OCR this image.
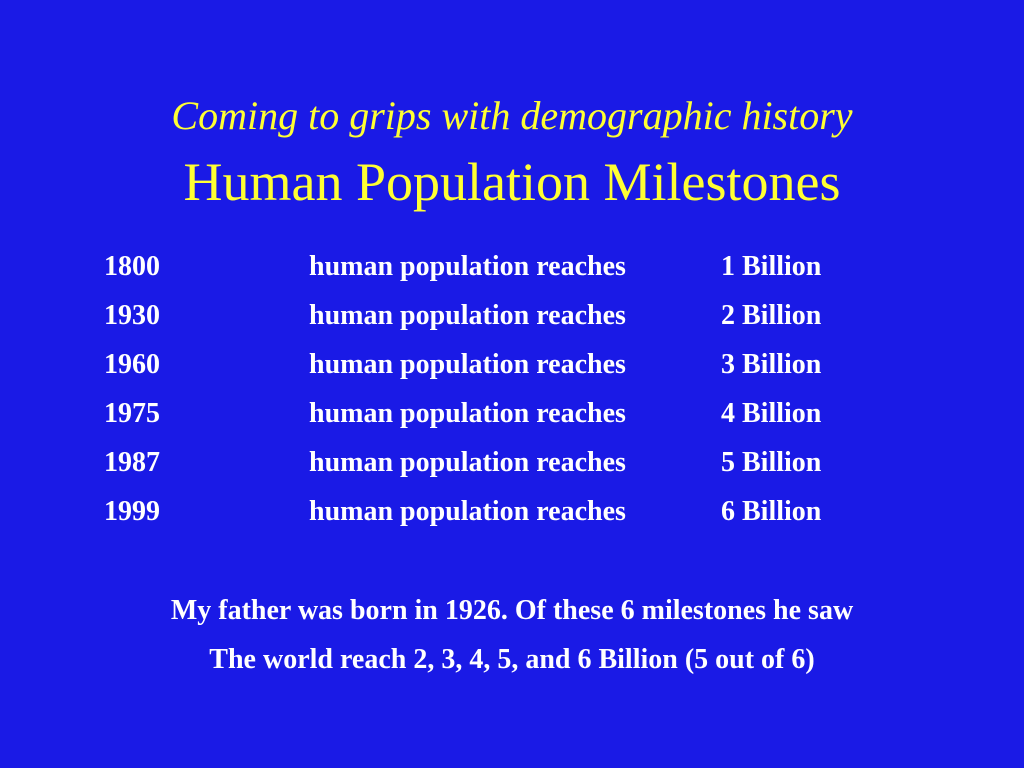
Coming to grips with demographic history
Human Population Milestones
1800	human population reaches	1 Billion
1930	human population reaches	2 Billion
1960	human population reaches	3 Billion
1975	human population reaches	4 Billion
1987	human population reaches	5 Billion
1999	human population reaches	6 Billion
My father was born in 1926. Of these 6 milestones he saw
The world reach 2, 3, 4, 5, and 6 Billion (5 out of 6)
